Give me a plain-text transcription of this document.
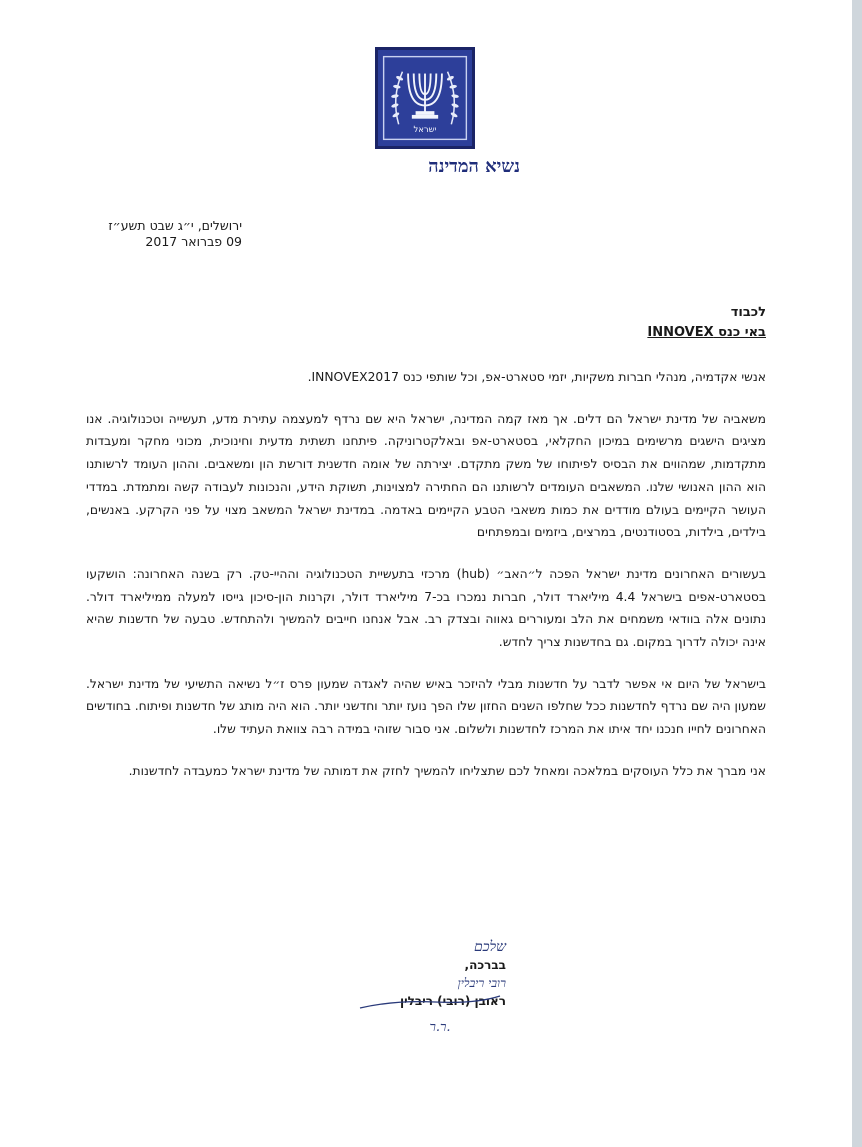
ישראל
נשיא המדינה
ירושלים, י״ג שבט תשע״ז
09 פברואר 2017
לכבוד
באי כנס INNOVEX

אנשי אקדמיה, מנהלי חברות משקיות, יזמי סטארט-אפ, וכל שותפי כנס INNOVEX2017.

משאביה של מדינת ישראל הם דלים. אך מאז קמה המדינה, ישראל היא שם נרדף למעצמה עתירת מדע, תעשייה וטכנולוגיה. אנו מציגים הישגים מרשימים במיכון החקלאי, בסטארט-אפ ובאלקטרוניקה. פיתחנו תשתית מדעית וחינוכית, מכוני מחקר ומעבדות מתקדמות, שמהווים את הבסיס לפיתוחו של משק מתקדם. יצירתה של אומה חדשנית דורשת הון ומשאבים. וההון העומד לרשותנו הוא ההון האנושי שלנו. המשאבים העומדים לרשותנו הם החתירה למצוינות, תשוקת הידע, והנכונות לעבודה קשה ומתמדת. במדדי העושר הקיימים בעולם מודדים את כמות משאבי הטבע הקיימים באדמה. במדינת ישראל המשאב מצוי על פני הקרקע. באנשים, בילדים, בילדות, בסטודנטים, במרצים, ביזמים ובמפתחים

בעשורים האחרונים מדינת ישראל הפכה ל״האב״ (hub) מרכזי בתעשיית הטכנולוגיה וההיי-טק. רק בשנה האחרונה: הושקעו בסטארט-אפים בישראל 4.4 מיליארד דולר, חברות נמכרו בכ-7 מיליארד דולר, וקרנות הון-סיכון גייסו למעלה ממיליארד דולר. נתונים אלה בוודאי משמחים את הלב ומעוררים גאווה ובצדק רב. אבל אנחנו חייבים להמשיך ולהתחדש. טבעה של חדשנות שהיא אינה יכולה לדרוך במקום. גם בחדשנות צריך לחדש.

בישראל של היום אי אפשר לדבר על חדשנות מבלי להיזכר באיש שהיה לאגדה שמעון פרס ז״ל נשיאה התשיעי של מדינת ישראל. שמעון היה שם נרדף לחדשנות ככל שחלפו השנים החזון שלו הפך נועז יותר וחדשני יותר. הוא היה מותג של חדשנות ופיתוח. בחודשים האחרונים לחייו חנכנו יחד איתו את המרכז לחדשנות ולשלום. אני סבור שזוהי במידה רבה צוואת העתיד שלו.

אני מברך את כלל העוסקים במלאכה ומאחל לכם שתצליחו להמשיך לחזק את דמותה של מדינת ישראל כמעבדה לחדשנות.

שלכם
בברכה,
רובי ריבלין
ראובן (רובי) ריבלין
ר.ר.
